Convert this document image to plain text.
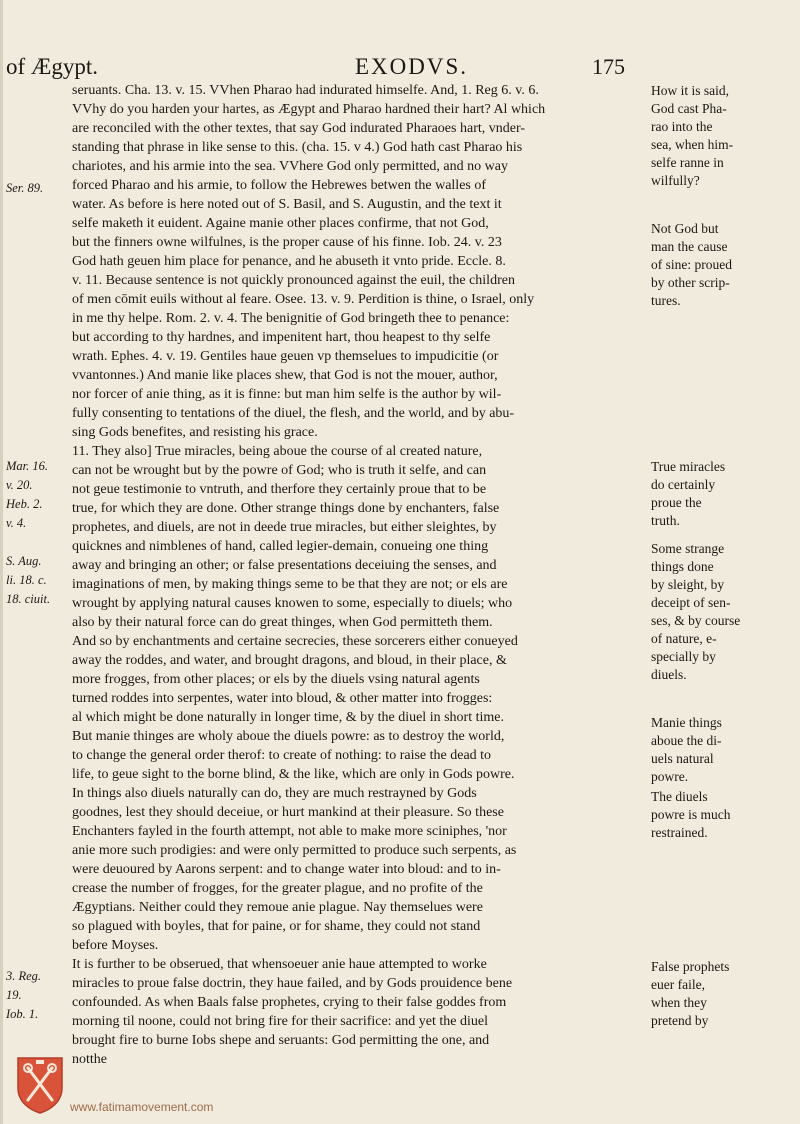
of Ægypt.	EXODVS.	175
Ser. 89.
Mar. 16.
v. 20.
Heb. 2.
v. 4.
S. Aug.
li. 18. c.
18. ciuit.
3. Reg.
19.
Iob. 1.
seruants. Cha. 13. v. 15. VVhen Pharao had indurated himselfe. And, 1. Reg 6. v. 6.
VVhy do you harden your hartes, as Ægypt and Pharao hardned their hart? Al which
are reconciled with the other textes, that say God indurated Pharaoes hart, vnder-
standing that phrase in like sense to this. (cha. 15. v 4.) God hath cast Pharao his
chariotes, and his armie into the sea. VVhere God only permitted, and no way
forced Pharao and his armie, to follow the Hebrewes betwen the walles of
water. As before is here noted out of S. Basil, and S. Augustin, and the text it
selfe maketh it euident. Againe manie other places confirme, that not God,
but the finners owne wilfulnes, is the proper cause of his finne. Iob. 24. v. 23
God hath geuen him place for penance, and he abuseth it vnto pride. Eccle. 8.
v. 11. Because sentence is not quickly pronounced against the euil, the children
of men cōmit euils without al feare. Osee. 13. v. 9. Perdition is thine, o Israel, only
in me thy helpe. Rom. 2. v. 4. The benignitie of God bringeth thee to penance:
but according to thy hardnes, and impenitent hart, thou heapest to thy selfe
wrath. Ephes. 4. v. 19. Gentiles haue geuen vp themselues to impudicitie (or
vvantonnes.) And manie like places shew, that God is not the mouer, author,
nor forcer of anie thing, as it is finne: but man him selfe is the author by wil-
fully consenting to tentations of the diuel, the flesh, and the world, and by abu-
sing Gods benefites, and resisting his grace.
11. They also] True miracles, being aboue the course of al created nature,
can not be wrought but by the powre of God; who is truth it selfe, and can
not geue testimonie to vntruth, and therfore they certainly proue that to be
true, for which they are done. Other strange things done by enchanters, false
prophetes, and diuels, are not in deede true miracles, but either sleightes, by
quicknes and nimblenes of hand, called legier-demain, conueing one thing
away and bringing an other; or false presentations deceiuing the senses, and
imaginations of men, by making things seme to be that they are not; or els are
wrought by applying natural causes knowen to some, especially to diuels; who
also by their natural force can do great thinges, when God permitteth them.
And so by enchantments and certaine secrecies, these sorcerers either conueyed
away the roddes, and water, and brought dragons, and bloud, in their place, &
more frogges, from other places; or els by the diuels vsing natural agents
turned roddes into serpentes, water into bloud, & other matter into frogges:
al which might be done naturally in longer time, & by the diuel in short time.
But manie thinges are wholy aboue the diuels powre: as to destroy the world,
to change the general order therof: to create of nothing: to raise the dead to
life, to geue sight to the borne blind, & the like, which are only in Gods powre.
In things also diuels naturally can do, they are much restrayned by Gods
goodnes, lest they should deceiue, or hurt mankind at their pleasure. So these
Enchanters fayled in the fourth attempt, not able to make more sciniphes, 'nor
anie more such prodigies: and were only permitted to produce such serpents, as
were deuoured by Aarons serpent: and to change water into bloud: and to in-
crease the number of frogges, for the greater plague, and no profite of the
Ægyptians. Neither could they remoue anie plague. Nay themselues were
so plagued with boyles, that for paine, or for shame, they could not stand
before Moyses.
It is further to be obserued, that whensoeuer anie haue attempted to worke
miracles to proue false doctrin, they haue failed, and by Gods prouidence bene
confounded. As when Baals false prophetes, crying to their false goddes from
morning til noone, could not bring fire for their sacrifice: and yet the diuel
brought fire to burne Iobs shepe and seruants: God permitting the one, and
notthe
How it is said,
God cast Pha-
rao into the
sea, when him-
selfe ranne in
wilfully?
Not God but
man the cause
of sine: proued
by other scrip-
tures.
True miracles
do certainly
proue the
truth.
Some strange
things done
by sleight, by
deceipt of sen-
ses, & by course
of nature, e-
specially by
diuels.
Manie things
aboue the di-
uels natural
powre.
The diuels
powre is much
restrained.
False prophets
euer faile,
when they
pretend by
www.fatimamovement.com
